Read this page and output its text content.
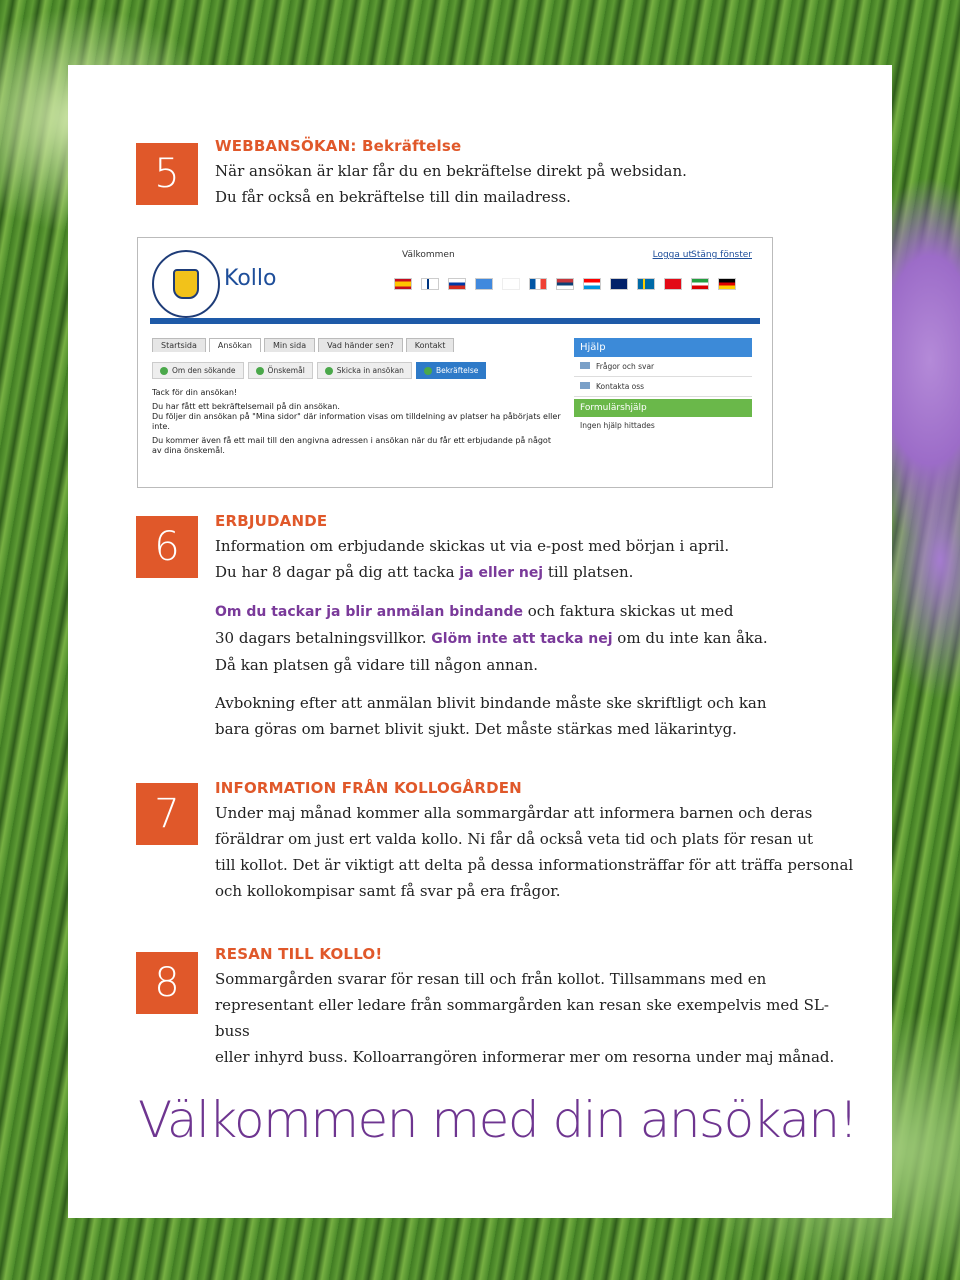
5
WEBBANSÖKAN: Bekräftelse

När ansökan är klar får du en bekräftelse direkt på websidan.
Du får också en bekräftelse till din mailadress.

Kollo
Välkommen	Logga ut Stäng fönster
Startsida	Ansökan	Min sida	Vad händer sen?	Kontakt
Om den sökande	Önskemål	Skicka in ansökan	Bekräftelse
Tack för din ansökan!
Du har fått ett bekräftelsemail på din ansökan.
Du följer din ansökan på "Mina sidor" där information visas om tilldelning av platser ha påbörjats eller inte.
Du kommer även få ett mail till den angivna adressen i ansökan när du får ett erbjudande på något av dina önskemål.
Hjälp
Frågor och svar
Kontakta oss
Formulärshjälp
Ingen hjälp hittades
6
ERBJUDANDE

Information om erbjudande skickas ut via e-post med början i april.
Du har 8 dagar på dig att tacka ja eller nej till platsen.

Om du tackar ja blir anmälan bindande och faktura skickas ut med
30 dagars betalningsvillkor. Glöm inte att tacka nej om du inte kan åka.
Då kan platsen gå vidare till någon annan.

Avbokning efter att anmälan blivit bindande måste ske skriftligt och kan
bara göras om barnet blivit sjukt. Det måste stärkas med läkarintyg.

7
INFORMATION FRÅN KOLLOGÅRDEN

Under maj månad kommer alla sommargårdar att informera barnen och deras
föräldrar om just ert valda kollo. Ni får då också veta tid och plats för resan ut
till kollot. Det är viktigt att delta på dessa informationsträffar för att träffa personal
och kollokompisar samt få svar på era frågor.

8
RESAN TILL KOLLO!

Sommargården svarar för resan till och från kollot. Tillsammans med en
representant eller ledare från sommargården kan resan ske exempelvis med SL-buss
eller inhyrd buss. Kolloarrangören informerar mer om resorna under maj månad.

Välkommen med din ansökan!
